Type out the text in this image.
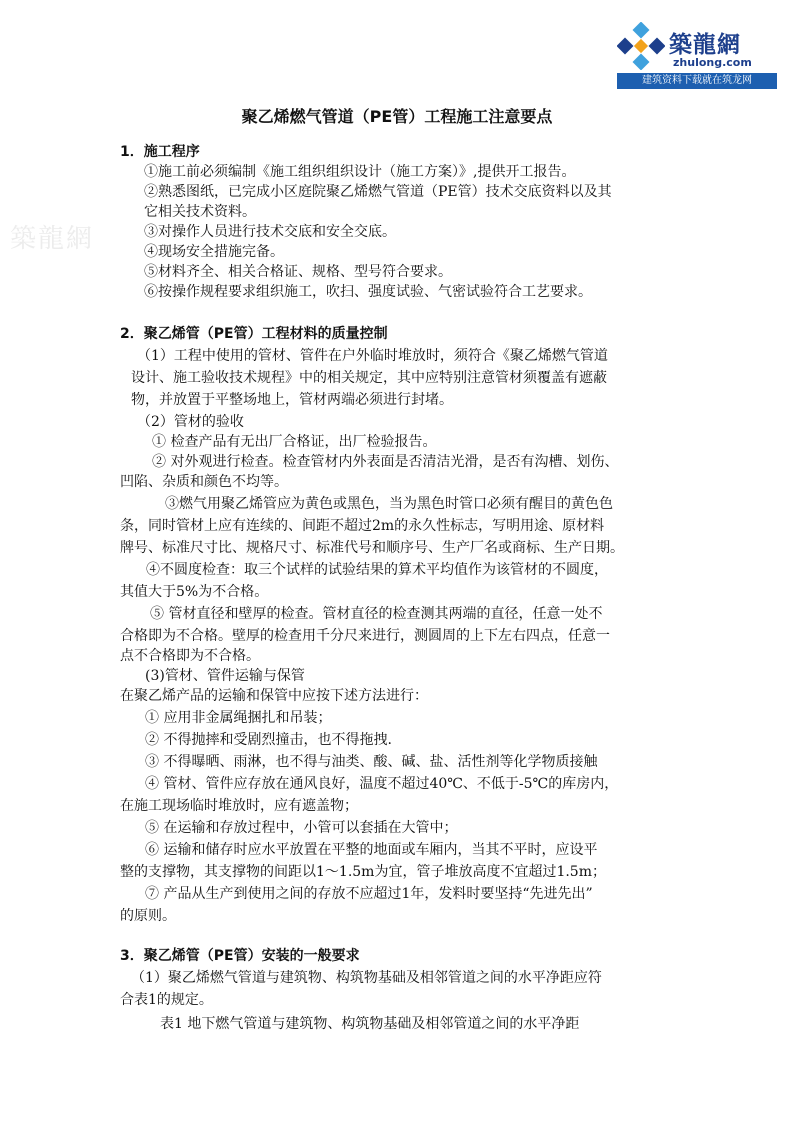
築龍網
zhulong.com
建筑资料下载就在筑龙网
築龍網
聚乙烯燃气管道（PE管）工程施工注意要点
1．施工程序
①施工前必须编制《施工组织组织设计（施工方案）》,提供开工报告。
②熟悉图纸，已完成小区庭院聚乙烯燃气管道（PE管）技术交底资料以及其
它相关技术资料。
③对操作人员进行技术交底和安全交底。
④现场安全措施完备。
⑤材料齐全、相关合格证、规格、型号符合要求。
⑥按操作规程要求组织施工，吹扫、强度试验、气密试验符合工艺要求。
2．聚乙烯管（PE管）工程材料的质量控制
（1）工程中使用的管材、管件在户外临时堆放时，须符合《聚乙烯燃气管道
设计、施工验收技术规程》中的相关规定，其中应特别注意管材须覆盖有遮蔽
物，并放置于平整场地上，管材两端必须进行封堵。
（2）管材的验收
① 检查产品有无出厂合格证，出厂检验报告。
② 对外观进行检查。检查管材内外表面是否清洁光滑，是否有沟槽、划伤、
凹陷、杂质和颜色不均等。
③燃气用聚乙烯管应为黄色或黑色，当为黑色时管口必须有醒目的黄色色
条，同时管材上应有连续的、间距不超过2m的永久性标志，写明用途、原材料
牌号、标准尺寸比、规格尺寸、标准代号和顺序号、生产厂名或商标、生产日期。
④不圆度检查：取三个试样的试验结果的算术平均值作为该管材的不圆度，
其值大于5%为不合格。
⑤ 管材直径和壁厚的检查。管材直径的检查测其两端的直径，任意一处不
合格即为不合格。壁厚的检查用千分尺来进行，测圆周的上下左右四点，任意一
点不合格即为不合格。
(3)管材、管件运输与保管
在聚乙烯产品的运输和保管中应按下述方法进行：
① 应用非金属绳捆扎和吊装；
② 不得抛摔和受剧烈撞击，也不得拖拽.
③ 不得曝晒、雨淋，也不得与油类、酸、碱、盐、活性剂等化学物质接触
④ 管材、管件应存放在通风良好，温度不超过40℃、不低于-5℃的库房内，
在施工现场临时堆放时，应有遮盖物；
⑤ 在运输和存放过程中，小管可以套插在大管中；
⑥ 运输和储存时应水平放置在平整的地面或车厢内，当其不平时，应设平
整的支撑物，其支撑物的间距以1～1.5m为宜，管子堆放高度不宜超过1.5m；
⑦ 产品从生产到使用之间的存放不应超过1年，发料时要坚持“先进先出”
的原则。
3．聚乙烯管（PE管）安装的一般要求
（1）聚乙烯燃气管道与建筑物、构筑物基础及相邻管道之间的水平净距应符
合表1的规定。
表1 地下燃气管道与建筑物、构筑物基础及相邻管道之间的水平净距
